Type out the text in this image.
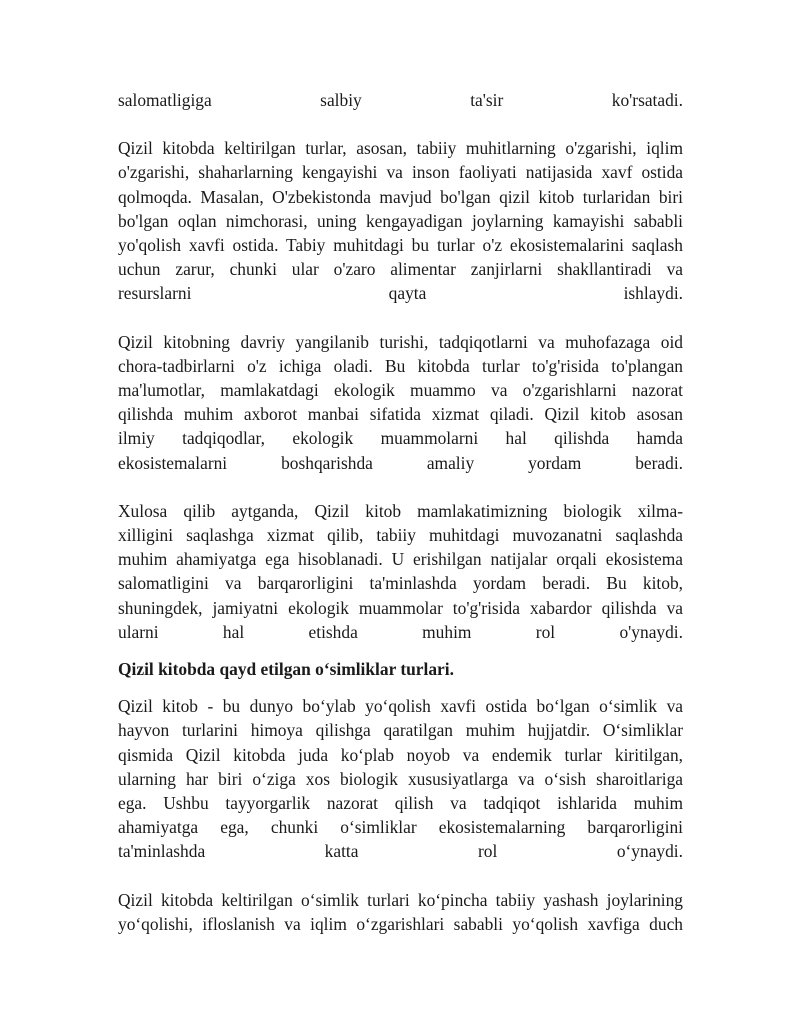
salomatligiga salbiy ta'sir ko'rsatadi.

Qizil kitobda keltirilgan turlar, asosan, tabiiy muhitlarning o'zgarishi, iqlim
o'zgarishi, shaharlarning kengayishi va inson faoliyati natijasida xavf ostida
qolmoqda. Masalan, O'zbekistonda mavjud bo'lgan qizil kitob turlaridan biri
bo'lgan oqlan nimchorasi, uning kengayadigan joylarning kamayishi sababli
yo'qolish xavfi ostida. Tabiy muhitdagi bu turlar o'z ekosistemalarini saqlash
uchun zarur, chunki ular o'zaro alimentar zanjirlarni shakllantiradi va
resurslarni qayta ishlaydi.

Qizil kitobning davriy yangilanib turishi, tadqiqotlarni va muhofazaga oid
chora-tadbirlarni o'z ichiga oladi. Bu kitobda turlar to'g'risida to'plangan
ma'lumotlar, mamlakatdagi ekologik muammo va o'zgarishlarni nazorat
qilishda muhim axborot manbai sifatida xizmat qiladi. Qizil kitob asosan
ilmiy tadqiqodlar, ekologik muammolarni hal qilishda hamda
ekosistemalarni boshqarishda amaliy yordam beradi.

Xulosa qilib aytganda, Qizil kitob mamlakatimizning biologik xilma-
xilligini saqlashga xizmat qilib, tabiiy muhitdagi muvozanatni saqlashda
muhim ahamiyatga ega hisoblanadi. U erishilgan natijalar orqali ekosistema
salomatligini va barqarorligini ta'minlashda yordam beradi. Bu kitob,
shuningdek, jamiyatni ekologik muammolar to'g'risida xabardor qilishda va
ularni hal etishda muhim rol o'ynaydi.

Qizil kitobda qayd etilgan o‘simliklar turlari.

Qizil kitob - bu dunyo bo‘ylab yo‘qolish xavfi ostida bo‘lgan o‘simlik va
hayvon turlarini himoya qilishga qaratilgan muhim hujjatdir. O‘simliklar
qismida Qizil kitobda juda ko‘plab noyob va endemik turlar kiritilgan,
ularning har biri o‘ziga xos biologik xususiyatlarga va o‘sish sharoitlariga
ega. Ushbu tayyorgarlik nazorat qilish va tadqiqot ishlarida muhim
ahamiyatga ega, chunki o‘simliklar ekosistemalarning barqarorligini
ta'minlashda katta rol o‘ynaydi.

Qizil kitobda keltirilgan o‘simlik turlari ko‘pincha tabiiy yashash joylarining
yo‘qolishi, ifloslanish va iqlim o‘zgarishlari sababli yo‘qolish xavfiga duch
